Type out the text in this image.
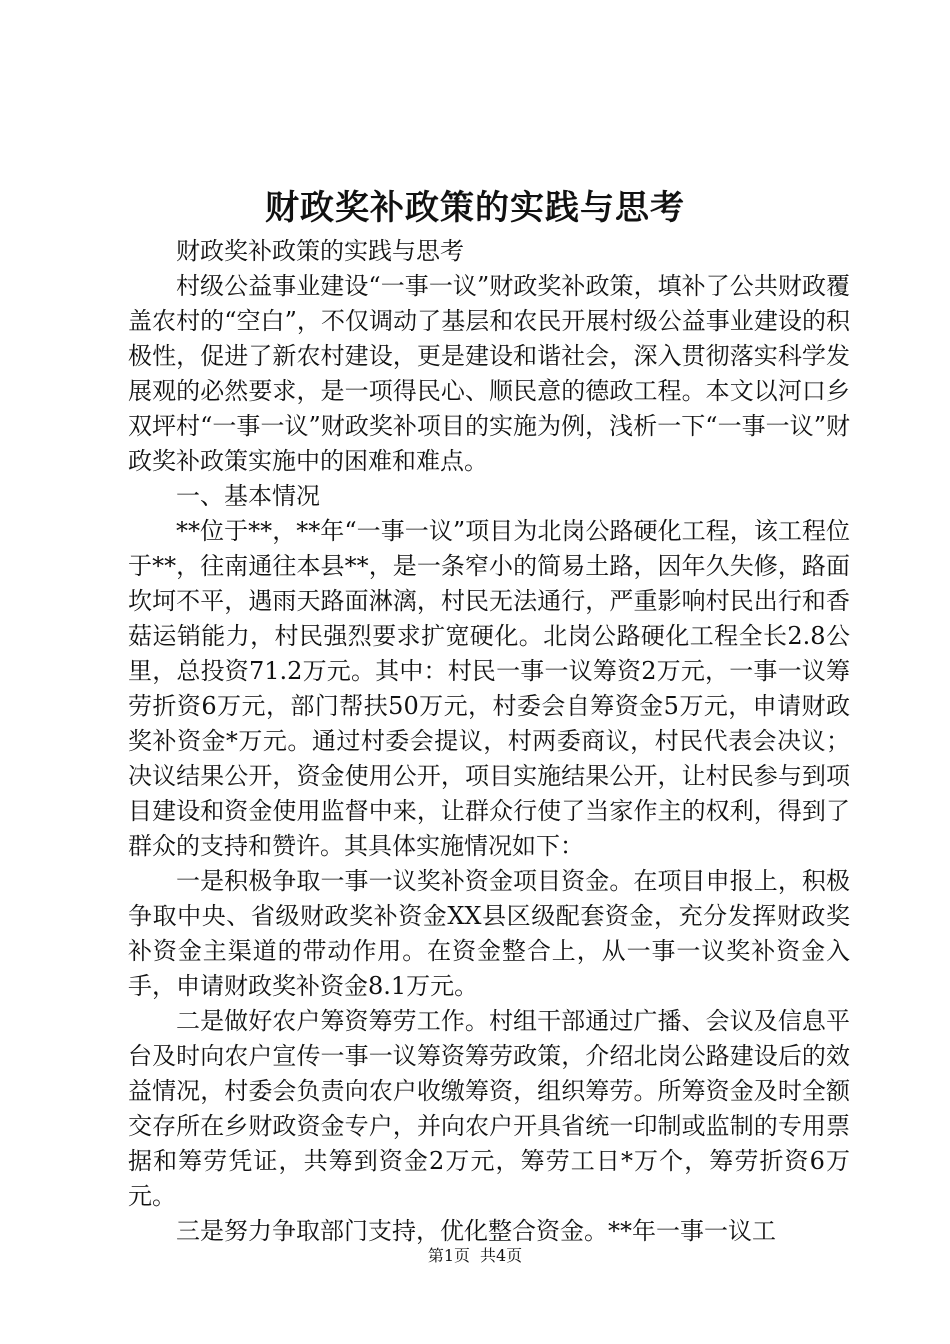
财政奖补政策的实践与思考

财政奖补政策的实践与思考

村级公益事业建设“一事一议”财政奖补政策，填补了公共财政覆盖农村的“空白”，不仅调动了基层和农民开展村级公益事业建设的积极性，促进了新农村建设，更是建设和谐社会，深入贯彻落实科学发展观的必然要求，是一项得民心、顺民意的德政工程。本文以河口乡双坪村“一事一议”财政奖补项目的实施为例，浅析一下“一事一议”财政奖补政策实施中的困难和难点。

一、基本情况

**位于**，**年“一事一议”项目为北岗公路硬化工程，该工程位于**，往南通往本县**，是一条窄小的简易土路，因年久失修，路面坎坷不平，遇雨天路面淋漓，村民无法通行，严重影响村民出行和香菇运销能力，村民强烈要求扩宽硬化。北岗公路硬化工程全长2.8公里，总投资71.2万元。其中：村民一事一议筹资2万元，一事一议筹劳折资6万元，部门帮扶50万元，村委会自筹资金5万元，申请财政奖补资金*万元。通过村委会提议，村两委商议，村民代表会决议；决议结果公开，资金使用公开，项目实施结果公开，让村民参与到项目建设和资金使用监督中来，让群众行使了当家作主的权利，得到了群众的支持和赞许。其具体实施情况如下：

一是积极争取一事一议奖补资金项目资金。在项目申报上，积极争取中央、省级财政奖补资金XX县区级配套资金，充分发挥财政奖补资金主渠道的带动作用。在资金整合上，从一事一议奖补资金入手，申请财政奖补资金8.1万元。

二是做好农户筹资筹劳工作。村组干部通过广播、会议及信息平台及时向农户宣传一事一议筹资筹劳政策，介绍北岗公路建设后的效益情况，村委会负责向农户收缴筹资，组织筹劳。所筹资金及时全额交存所在乡财政资金专户，并向农户开具省统一印制或监制的专用票据和筹劳凭证，共筹到资金2万元，筹劳工日*万个，筹劳折资6万元。

三是努力争取部门支持，优化整合资金。**年一事一议工

第1页 共4页
